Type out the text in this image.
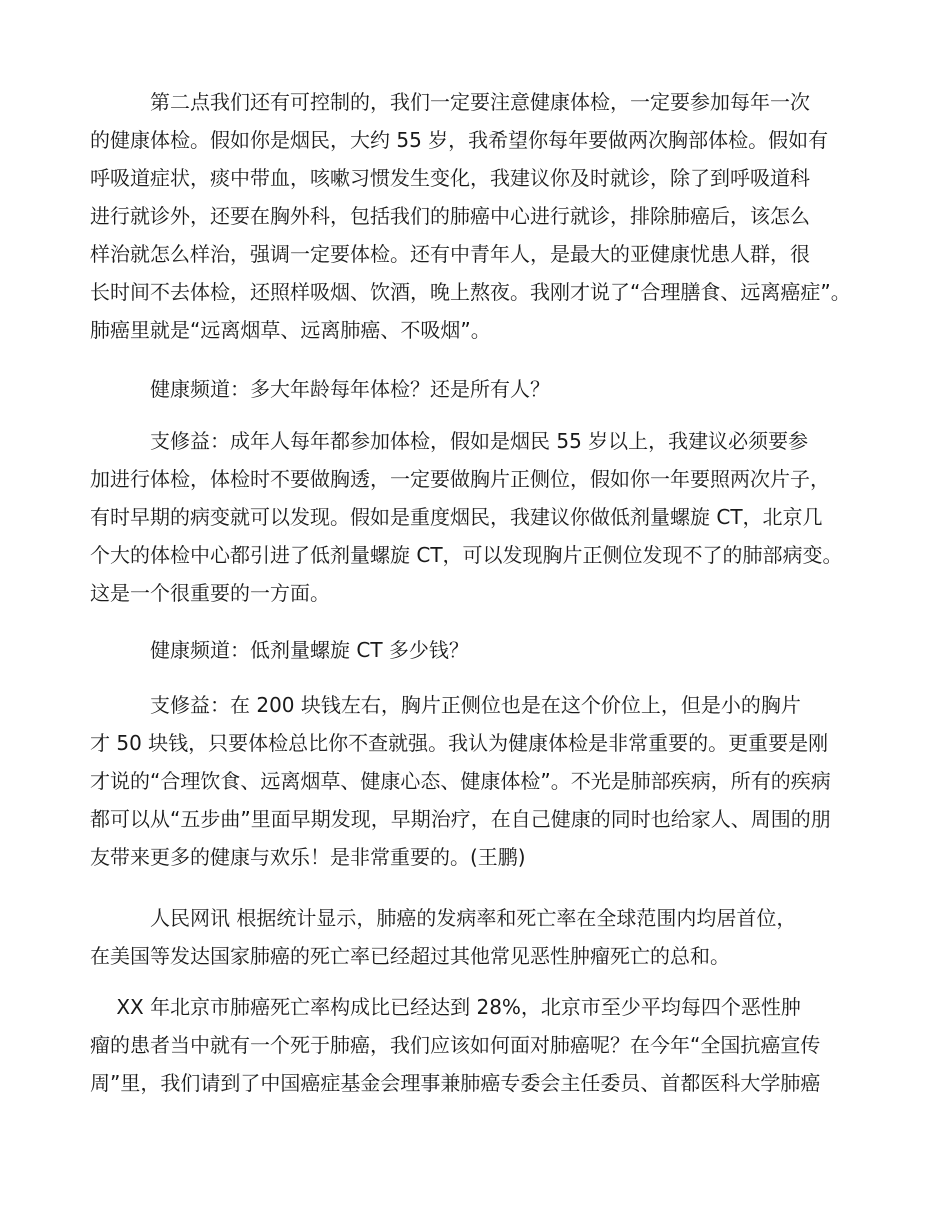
　　　第二点我们还有可控制的，我们一定要注意健康体检，一定要参加每年一次
的健康体检。假如你是烟民，大约 55 岁，我希望你每年要做两次胸部体检。假如有
呼吸道症状，痰中带血，咳嗽习惯发生变化，我建议你及时就诊，除了到呼吸道科
进行就诊外，还要在胸外科，包括我们的肺癌中心进行就诊，排除肺癌后，该怎么
样治就怎么样治，强调一定要体检。还有中青年人，是最大的亚健康忧患人群，很
长时间不去体检，还照样吸烟、饮酒，晚上熬夜。我刚才说了“合理膳食、远离癌症”。
肺癌里就是“远离烟草、远离肺癌、不吸烟”。

　　　健康频道：多大年龄每年体检？还是所有人？

　　　支修益：成年人每年都参加体检，假如是烟民 55 岁以上，我建议必须要参
加进行体检，体检时不要做胸透，一定要做胸片正侧位，假如你一年要照两次片子，
有时早期的病变就可以发现。假如是重度烟民，我建议你做低剂量螺旋 CT，北京几
个大的体检中心都引进了低剂量螺旋 CT，可以发现胸片正侧位发现不了的肺部病变。
这是一个很重要的一方面。

　　　健康频道：低剂量螺旋 CT 多少钱？

　　　支修益：在 200 块钱左右，胸片正侧位也是在这个价位上，但是小的胸片
才 50 块钱，只要体检总比你不查就强。我认为健康体检是非常重要的。更重要是刚
才说的“合理饮食、远离烟草、健康心态、健康体检”。不光是肺部疾病，所有的疾病
都可以从“五步曲”里面早期发现，早期治疗，在自己健康的同时也给家人、周围的朋
友带来更多的健康与欢乐！是非常重要的。(王鹏)

　　　人民网讯 根据统计显示，肺癌的发病率和死亡率在全球范围内均居首位，
在美国等发达国家肺癌的死亡率已经超过其他常见恶性肿瘤死亡的总和。

　 XX 年北京市肺癌死亡率构成比已经达到 28%，北京市至少平均每四个恶性肿
瘤的患者当中就有一个死于肺癌，我们应该如何面对肺癌呢？在今年“全国抗癌宣传
周”里，我们请到了中国癌症基金会理事兼肺癌专委会主任委员、首都医科大学肺癌
